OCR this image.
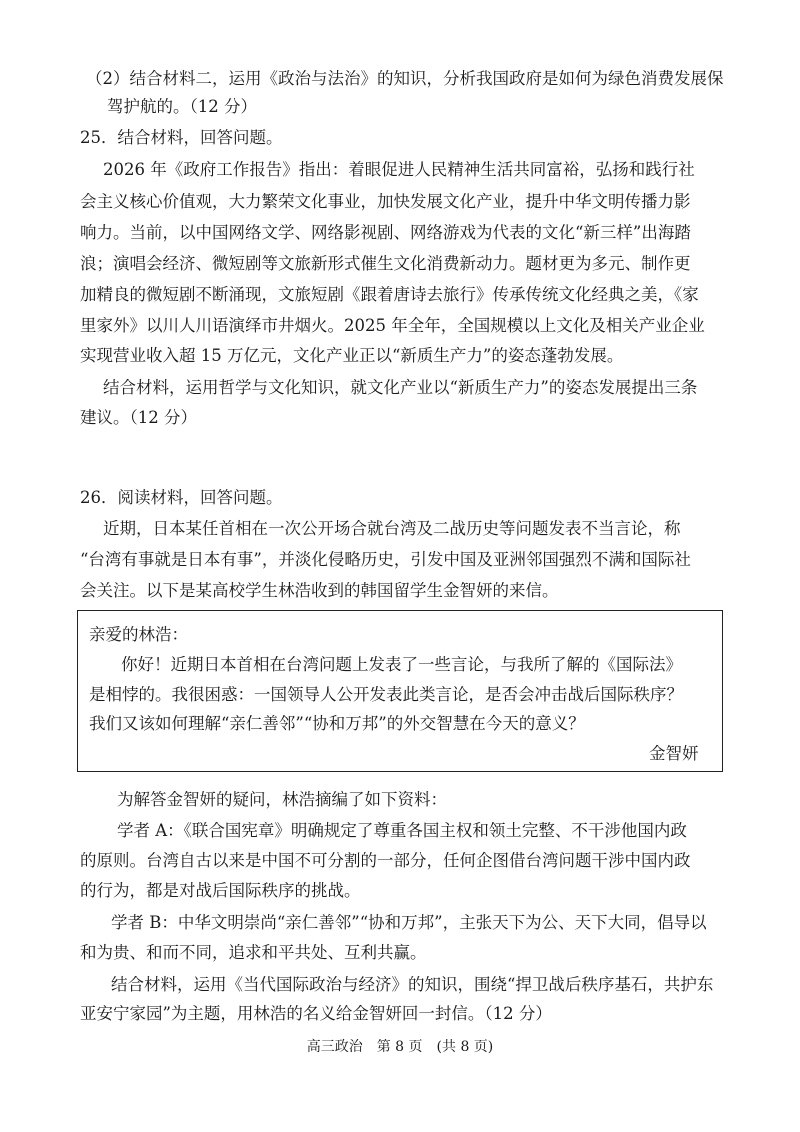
（2）结合材料二，运用《政治与法治》的知识，分析我国政府是如何为绿色消费发展保
驾护航的。（12 分）
25．结合材料，回答问题。
2026 年《政府工作报告》指出：着眼促进人民精神生活共同富裕，弘扬和践行社
会主义核心价值观，大力繁荣文化事业，加快发展文化产业，提升中华文明传播力影
响力。当前，以中国网络文学、网络影视剧、网络游戏为代表的文化“新三样”出海踏
浪；演唱会经济、微短剧等文旅新形式催生文化消费新动力。题材更为多元、制作更
加精良的微短剧不断涌现，文旅短剧《跟着唐诗去旅行》传承传统文化经典之美，《家
里家外》以川人川语演绎市井烟火。2025 年全年，全国规模以上文化及相关产业企业
实现营业收入超 15 万亿元，文化产业正以“新质生产力”的姿态蓬勃发展。
结合材料，运用哲学与文化知识，就文化产业以“新质生产力”的姿态发展提出三条
建议。（12 分）
26．阅读材料，回答问题。
近期，日本某任首相在一次公开场合就台湾及二战历史等问题发表不当言论，称
“台湾有事就是日本有事”，并淡化侵略历史，引发中国及亚洲邻国强烈不满和国际社
会关注。以下是某高校学生林浩收到的韩国留学生金智妍的来信。
亲爱的林浩：
你好！近期日本首相在台湾问题上发表了一些言论，与我所了解的《国际法》
是相悖的。我很困惑：一国领导人公开发表此类言论，是否会冲击战后国际秩序？
我们又该如何理解“亲仁善邻”“协和万邦”的外交智慧在今天的意义？
金智妍
为解答金智妍的疑问，林浩摘编了如下资料：
学者 A：《联合国宪章》明确规定了尊重各国主权和领土完整、不干涉他国内政
的原则。台湾自古以来是中国不可分割的一部分，任何企图借台湾问题干涉中国内政
的行为，都是对战后国际秩序的挑战。
学者 B：中华文明崇尚“亲仁善邻”“协和万邦”，主张天下为公、天下大同，倡导以
和为贵、和而不同，追求和平共处、互利共赢。
结合材料，运用《当代国际政治与经济》的知识，围绕“捍卫战后秩序基石，共护东
亚安宁家园”为主题，用林浩的名义给金智妍回一封信。（12 分）
高三政治　第 8 页　(共 8 页)
